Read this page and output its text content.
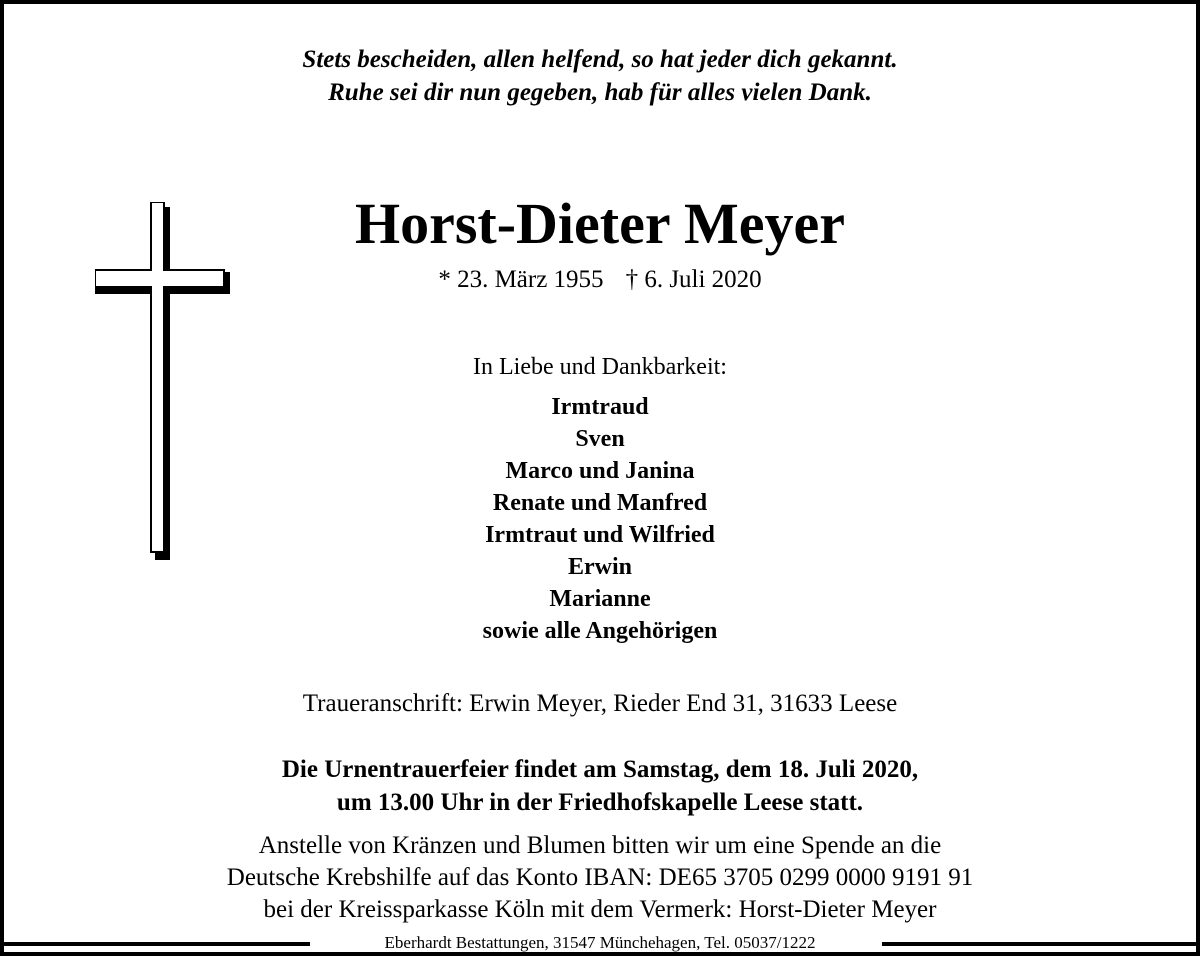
Stets bescheiden, allen helfend, so hat jeder dich gekannt.
Ruhe sei dir nun gegeben, hab für alles vielen Dank.
Horst-Dieter Meyer
* 23. März 1955 † 6. Juli 2020
In Liebe und Dankbarkeit:
Irmtraud
Sven
Marco und Janina
Renate und Manfred
Irmtraut und Wilfried
Erwin
Marianne
sowie alle Angehörigen
Traueranschrift: Erwin Meyer, Rieder End 31, 31633 Leese
Die Urnentrauerfeier findet am Samstag, dem 18. Juli 2020,
um 13.00 Uhr in der Friedhofskapelle Leese statt.
Anstelle von Kränzen und Blumen bitten wir um eine Spende an die
Deutsche Krebshilfe auf das Konto IBAN: DE65 3705 0299 0000 9191 91
bei der Kreissparkasse Köln mit dem Vermerk: Horst-Dieter Meyer
Eberhardt Bestattungen, 31547 Münchehagen, Tel. 05037/1222
